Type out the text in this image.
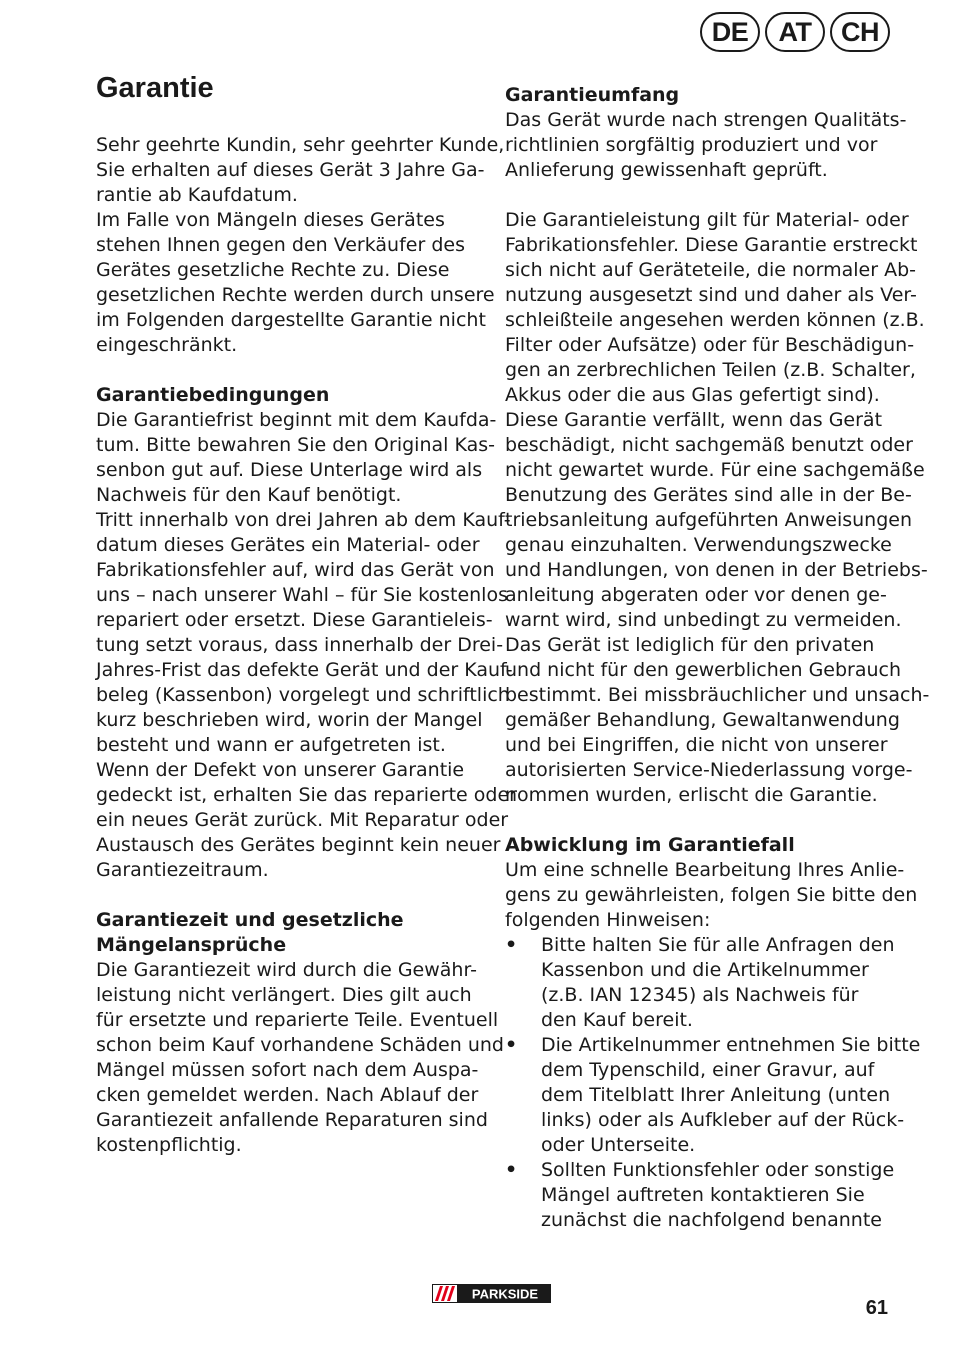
DE	AT	CH
Garantie
Sehr geehrte Kundin, sehr geehrter Kunde,
Sie erhalten auf dieses Gerät 3 Jahre Ga-
rantie ab Kaufdatum.
Im Falle von Mängeln dieses Gerätes
stehen Ihnen gegen den Verkäufer des
Gerätes gesetzliche Rechte zu. Diese
gesetzlichen Rechte werden durch unsere
im Folgenden dargestellte Garantie nicht
eingeschränkt.
Garantiebedingungen
Die Garantiefrist beginnt mit dem Kaufda-
tum. Bitte bewahren Sie den Original Kas-
senbon gut auf. Diese Unterlage wird als
Nachweis für den Kauf benötigt.
Tritt innerhalb von drei Jahren ab dem Kauf-
datum dieses Gerätes ein Material- oder
Fabrikationsfehler auf, wird das Gerät von
uns – nach unserer Wahl – für Sie kostenlos
repariert oder ersetzt. Diese Garantieleis-
tung setzt voraus, dass innerhalb der Drei-
Jahres-Frist das defekte Gerät und der Kauf-
beleg (Kassenbon) vorgelegt und schriftlich
kurz beschrieben wird, worin der Mangel
besteht und wann er aufgetreten ist.
Wenn der Defekt von unserer Garantie
gedeckt ist, erhalten Sie das reparierte oder
ein neues Gerät zurück. Mit Reparatur oder
Austausch des Gerätes beginnt kein neuer
Garantiezeitraum.
Garantiezeit und gesetzliche
Mängelansprüche
Die Garantiezeit wird durch die Gewähr-
leistung nicht verlängert. Dies gilt auch
für ersetzte und reparierte Teile. Eventuell
schon beim Kauf vorhandene Schäden und
Mängel müssen sofort nach dem Auspa-
cken gemeldet werden. Nach Ablauf der
Garantiezeit anfallende Reparaturen sind
kostenpflichtig.
Garantieumfang
Das Gerät wurde nach strengen Qualitäts-
richtlinien sorgfältig produziert und vor
Anlieferung gewissenhaft geprüft.
Die Garantieleistung gilt für Material- oder
Fabrikationsfehler. Diese Garantie erstreckt
sich nicht auf Geräteteile, die normaler Ab-
nutzung ausgesetzt sind und daher als Ver-
schleißteile angesehen werden können (z.B.
Filter oder Aufsätze) oder für Beschädigun-
gen an zerbrechlichen Teilen (z.B. Schalter,
Akkus oder die aus Glas gefertigt sind).
Diese Garantie verfällt, wenn das Gerät
beschädigt, nicht sachgemäß benutzt oder
nicht gewartet wurde. Für eine sachgemäße
Benutzung des Gerätes sind alle in der Be-
triebsanleitung aufgeführten Anweisungen
genau einzuhalten. Verwendungszwecke
und Handlungen, von denen in der Betriebs-
anleitung abgeraten oder vor denen ge-
warnt wird, sind unbedingt zu vermeiden.
Das Gerät ist lediglich für den privaten
und nicht für den gewerblichen Gebrauch
bestimmt. Bei missbräuchlicher und unsach-
gemäßer Behandlung, Gewaltanwendung
und bei Eingriffen, die nicht von unserer
autorisierten Service-Niederlassung vorge-
nommen wurden, erlischt die Garantie.
Abwicklung im Garantiefall
Um eine schnelle Bearbeitung Ihres Anlie-
gens zu gewährleisten, folgen Sie bitte den
folgenden Hinweisen:
•	Bitte halten Sie für alle Anfragen den
Kassenbon und die Artikelnummer
(z.B. IAN 12345) als Nachweis für
den Kauf bereit.
•	Die Artikelnummer entnehmen Sie bitte
dem Typenschild, einer Gravur, auf
dem Titelblatt Ihrer Anleitung (unten
links) oder als Aufkleber auf der Rück-
oder Unterseite.
•	Sollten Funktionsfehler oder sonstige
Mängel auftreten kontaktieren Sie
zunächst die nachfolgend benannte
PARKSIDE
61
